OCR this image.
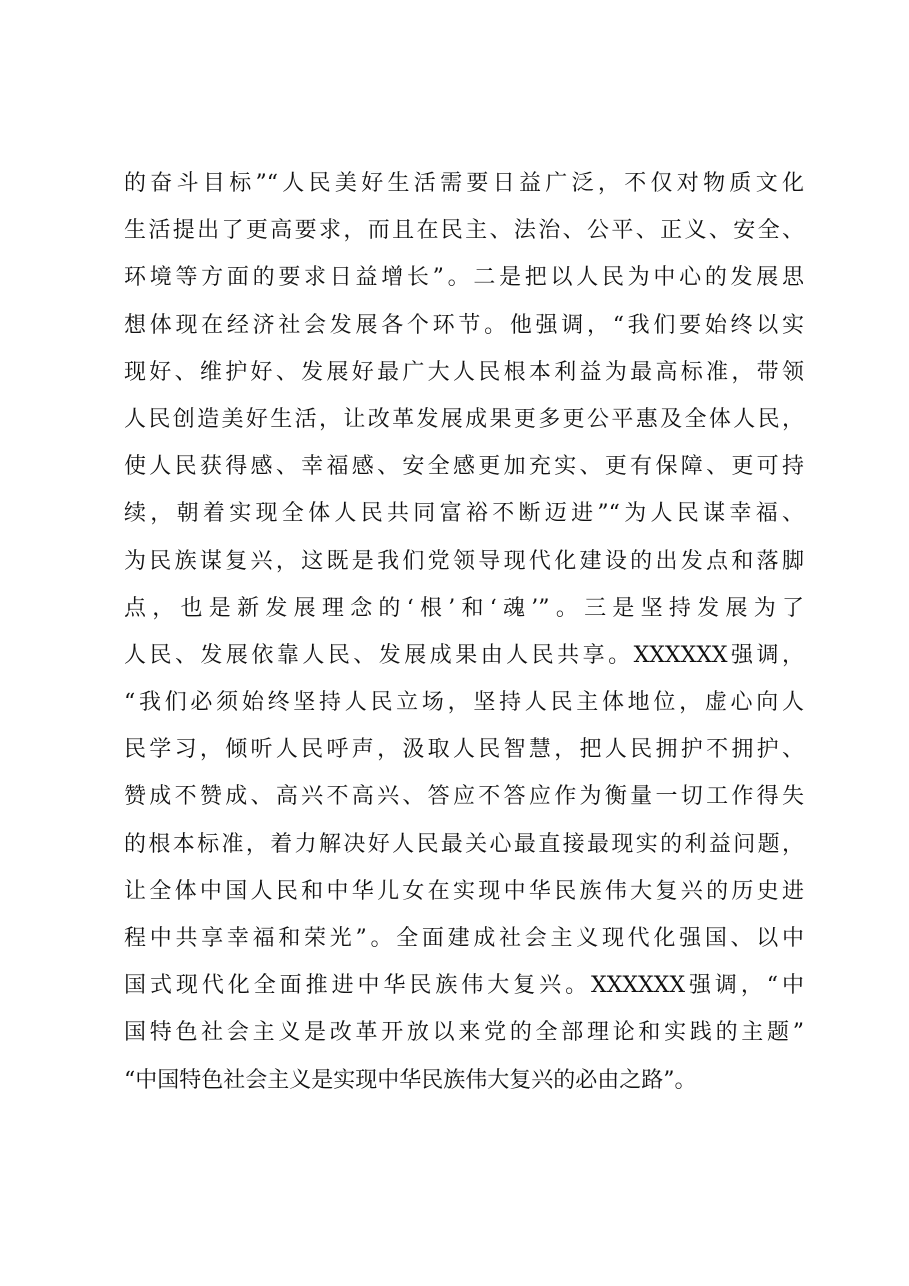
的奋斗目标”“人民美好生活需要日益广泛，不仅对物质文化
生活提出了更高要求，而且在民主、法治、公平、正义、安全、
环境等方面的要求日益增长”。二是把以人民为中心的发展思
想体现在经济社会发展各个环节。他强调，“我们要始终以实
现好、维护好、发展好最广大人民根本利益为最高标准，带领
人民创造美好生活，让改革发展成果更多更公平惠及全体人民，
使人民获得感、幸福感、安全感更加充实、更有保障、更可持
续，朝着实现全体人民共同富裕不断迈进”“为人民谋幸福、
为民族谋复兴，这既是我们党领导现代化建设的出发点和落脚
点，也是新发展理念的‘根’和‘魂’”。三是坚持发展为了
人民、发展依靠人民、发展成果由人民共享。XXXXXX强调，
“我们必须始终坚持人民立场，坚持人民主体地位，虚心向人
民学习，倾听人民呼声，汲取人民智慧，把人民拥护不拥护、
赞成不赞成、高兴不高兴、答应不答应作为衡量一切工作得失
的根本标准，着力解决好人民最关心最直接最现实的利益问题，
让全体中国人民和中华儿女在实现中华民族伟大复兴的历史进
程中共享幸福和荣光”。全面建成社会主义现代化强国、以中
国式现代化全面推进中华民族伟大复兴。XXXXXX强调，“中
国特色社会主义是改革开放以来党的全部理论和实践的主题”
“中国特色社会主义是实现中华民族伟大复兴的必由之路”。
